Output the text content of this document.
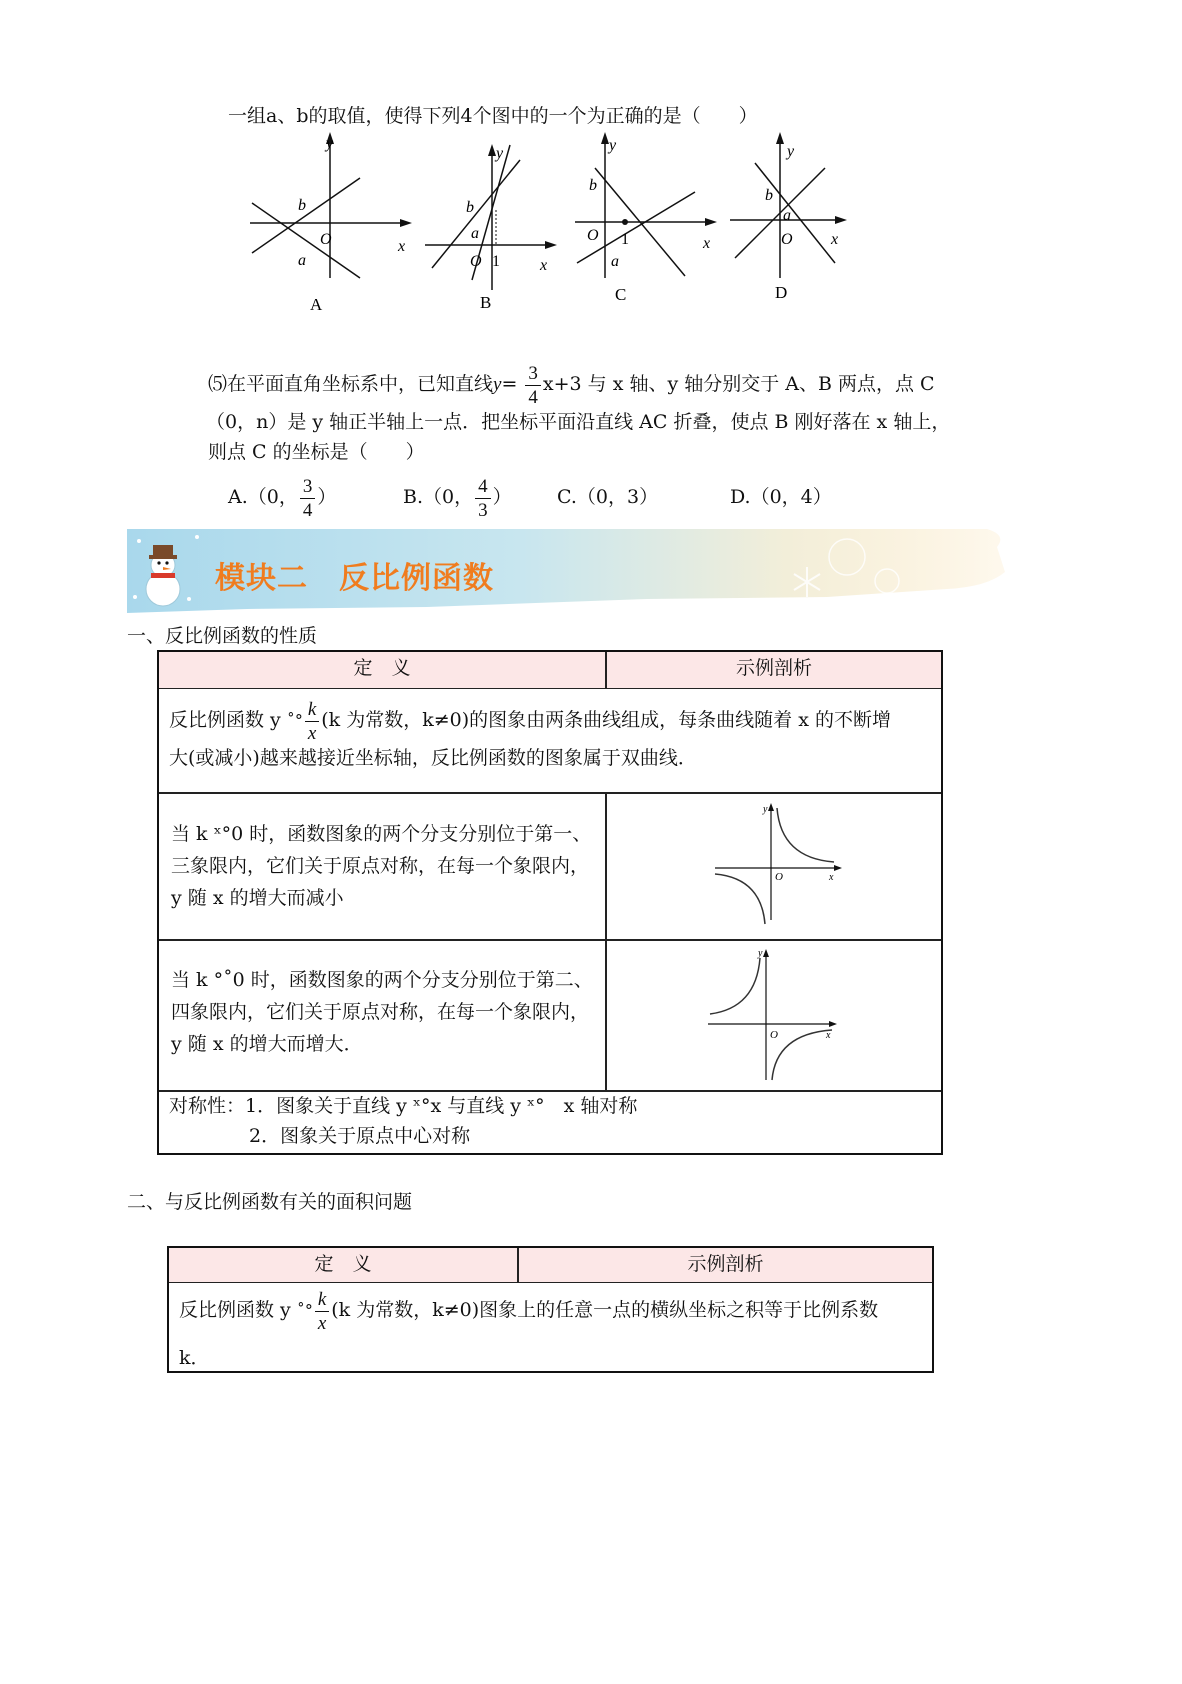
一组a、b的取值，使得下列4个图中的一个为正确的是（　　）
y
b
O	x
a
A
y
b
a
O 1	x
B
y
b
O 1
a
x
C
y
b
a
O x
D
⑸在平面直角坐标系中，已知直线$y= \frac{3}{4} x+3$ 与 x 轴、y 轴分别交于 A、B 两点，点 C
（0，n）是 y 轴正半轴上一点．把坐标平面沿直线 AC 折叠，使点 B 刚好落在 x 轴上，
则点 C 的坐标是（　　）
A.（0， $\frac{3}{4}$ ）	B.（0， $\frac{4}{3}$ ） C.（0，3）	D.（0，4）
模块二　反比例函数
一、反比例函数的性质
定　义	示例剖析
反比例函数 y ˚° $\frac{k}{x} (k$ 为常数，k≠0)的图象由两条曲线组成，每条曲线随着 x 的不断增
大(或减小)越来越接近坐标轴，反比例函数的图象属于双曲线．
当 k ˣ°0 时，函数图象的两个分支分别位于第一、
三象限内，它们关于原点对称，在每一个象限内，
y 随 x 的增大而减小
y
O	x
当 k °˚0 时，函数图象的两个分支分别位于第二、
四象限内，它们关于原点对称，在每一个象限内，
y 随 x 的增大而增大．
y
O	x
对称性：1．图象关于直线 y ˣ°x 与直线 y ˣ°　x 轴对称
2．图象关于原点中心对称
二、与反比例函数有关的面积问题
定　义	示例剖析
反比例函数 y ˚° $\frac{k}{x} (k$ 为常数，k≠0)图象上的任意一点的横纵坐标之积等于比例系数
k．
